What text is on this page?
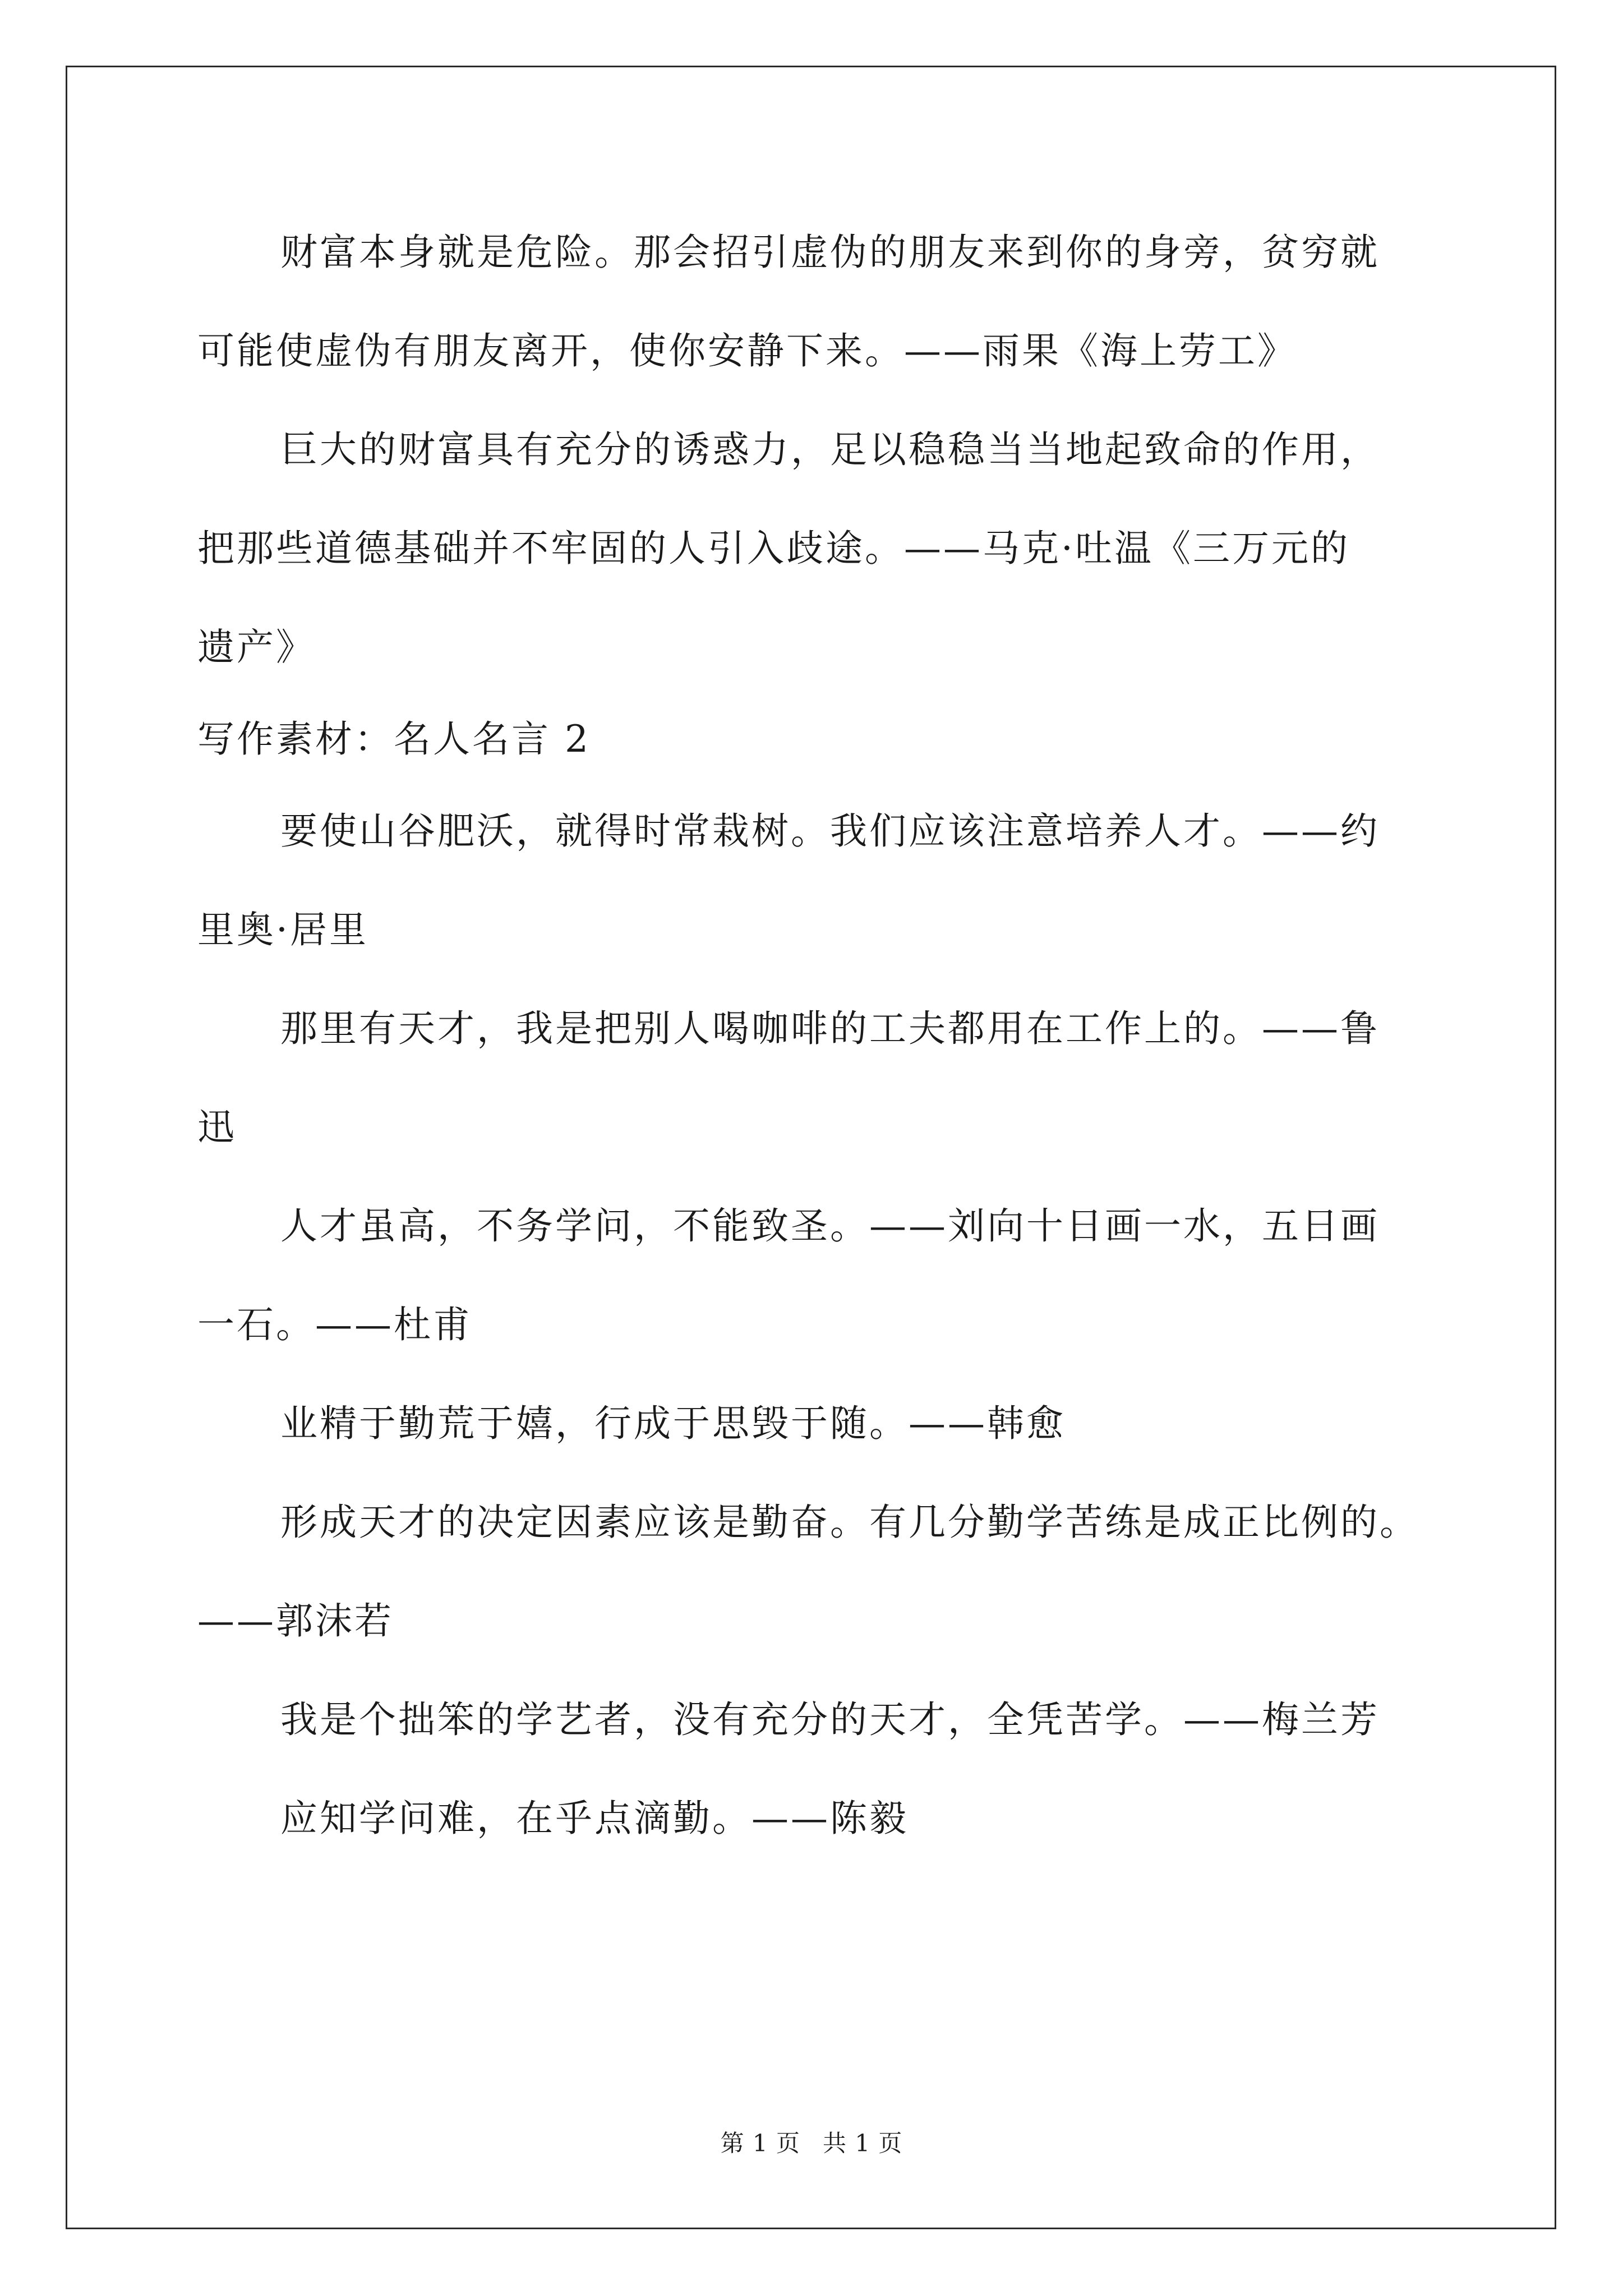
财富本身就是危险。那会招引虚伪的朋友来到你的身旁，贫穷就
可能使虚伪有朋友离开，使你安静下来。——雨果《海上劳工》
巨大的财富具有充分的诱惑力，足以稳稳当当地起致命的作用，
把那些道德基础并不牢固的人引入歧途。——马克·吐温《三万元的
遗产》
写作素材：名人名言 2
要使山谷肥沃，就得时常栽树。我们应该注意培养人才。——约
里奥·居里
那里有天才，我是把别人喝咖啡的工夫都用在工作上的。——鲁
迅
人才虽高，不务学问，不能致圣。——刘向十日画一水，五日画
一石。——杜甫
业精于勤荒于嬉，行成于思毁于随。——韩愈
形成天才的决定因素应该是勤奋。有几分勤学苦练是成正比例的。
——郭沫若
我是个拙笨的学艺者，没有充分的天才，全凭苦学。——梅兰芳
应知学问难，在乎点滴勤。——陈毅
第 1 页 共 1 页
